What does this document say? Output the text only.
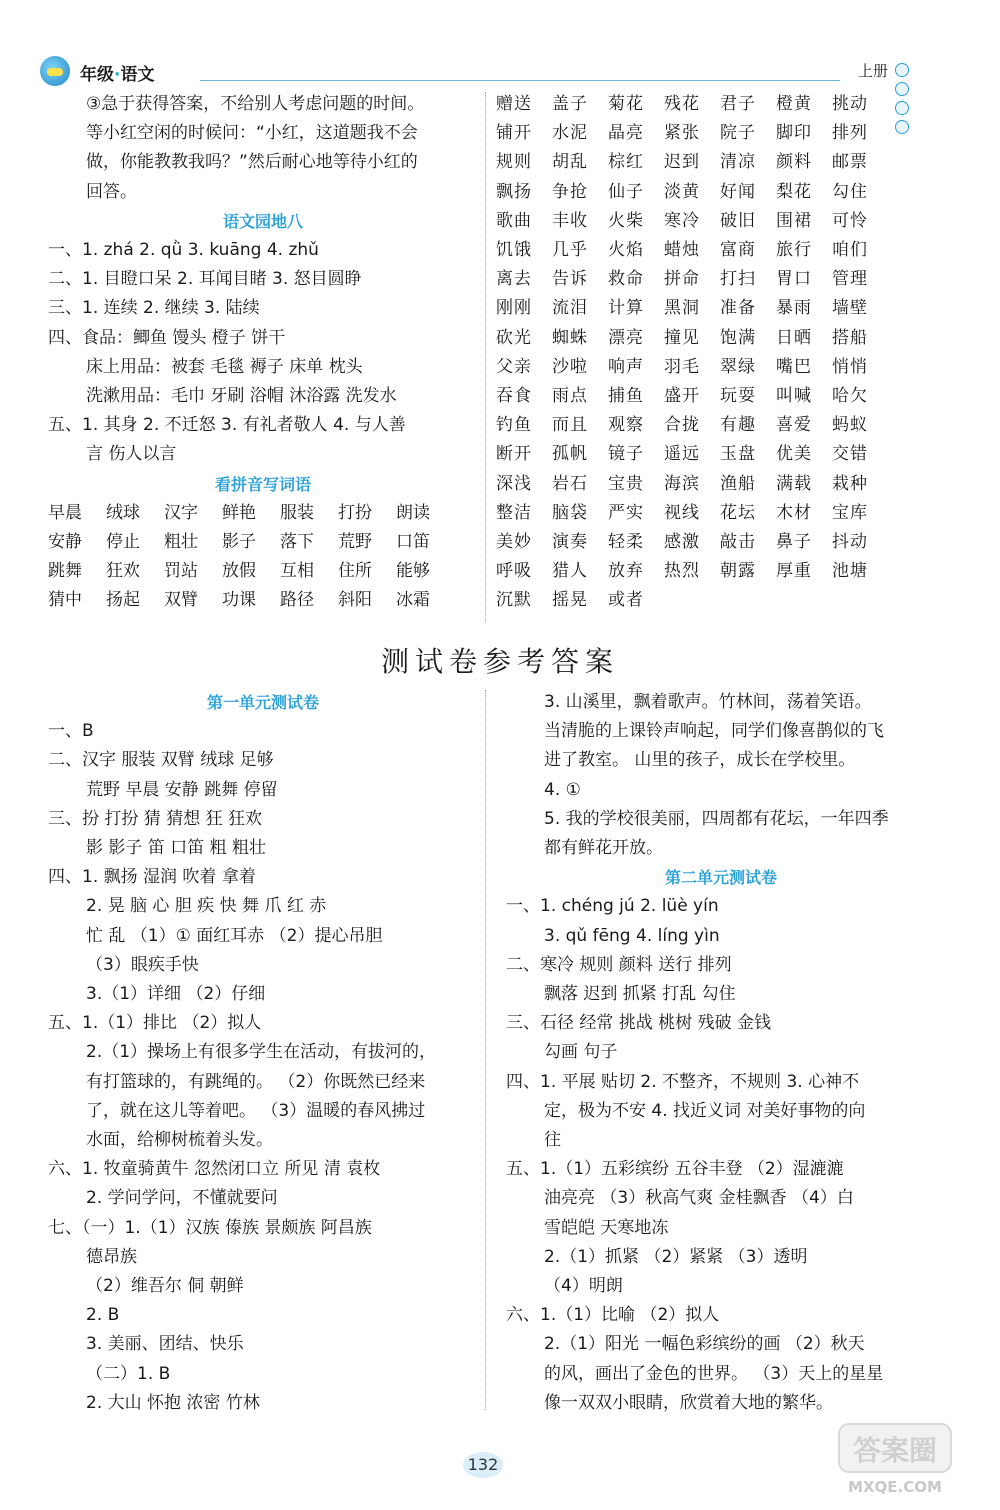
年级·语文	上册
③急于获得答案，不给别人考虑问题的时间。
等小红空闲的时候问：“小红，这道题我不会
做，你能教教我吗？”然后耐心地等待小红的
回答。
语文园地八
一、1. zhá 2. qǜ 3. kuāng 4. zhǔ
二、1. 目瞪口呆 2. 耳闻目睹 3. 怒目圆睁
三、1. 连续 2. 继续 3. 陆续
四、食品：鲫鱼 馒头 橙子 饼干
床上用品：被套 毛毯 褥子 床单 枕头
洗漱用品：毛巾 牙刷 浴帽 沐浴露 洗发水
五、1. 其身 2. 不迁怒 3. 有礼者敬人 4. 与人善
言 伤人以言
看拼音写词语
早晨 绒球 汉字 鲜艳 服装 打扮 朗读
安静 停止 粗壮 影子 落下 荒野 口笛
跳舞 狂欢 罚站 放假 互相 住所 能够
猜中 扬起 双臂 功课 路径 斜阳 冰霜
赠送 盖子 菊花 残花 君子 橙黄 挑动
铺开 水泥 晶亮 紧张 院子 脚印 排列
规则 胡乱 棕红 迟到 清凉 颜料 邮票
飘扬 争抢 仙子 淡黄 好闻 梨花 勾住
歌曲 丰收 火柴 寒冷 破旧 围裙 可怜
饥饿 几乎 火焰 蜡烛 富商 旅行 咱们
离去 告诉 救命 拼命 打扫 胃口 管理
刚刚 流泪 计算 黑洞 准备 暴雨 墙壁
砍光 蜘蛛 漂亮 撞见 饱满 日晒 搭船
父亲 沙啦 响声 羽毛 翠绿 嘴巴 悄悄
吞食 雨点 捕鱼 盛开 玩耍 叫喊 哈欠
钓鱼 而且 观察 合拢 有趣 喜爱 蚂蚁
断开 孤帆 镜子 遥远 玉盘 优美 交错
深浅 岩石 宝贵 海滨 渔船 满载 栽种
整洁 脑袋 严实 视线 花坛 木材 宝库
美妙 演奏 轻柔 感激 敲击 鼻子 抖动
呼吸 猎人 放弃 热烈 朝露 厚重 池塘
沉默 摇晃 或者
测试卷参考答案
第一单元测试卷
一、B
二、汉字 服装 双臂 绒球 足够
荒野 早晨 安静 跳舞 停留
三、扮 打扮 猜 猜想 狂 狂欢
影 影子 笛 口笛 粗 粗壮
四、1. 飘扬 湿润 吹着 拿着
2. 晃 脑 心 胆 疾 快 舞 爪 红 赤
忙 乱 （1）① 面红耳赤 （2）提心吊胆
（3）眼疾手快
3.（1）详细 （2）仔细
五、1.（1）排比 （2）拟人
2.（1）操场上有很多学生在活动，有拔河的，
有打篮球的，有跳绳的。 （2）你既然已经来
了，就在这儿等着吧。 （3）温暖的春风拂过
水面，给柳树梳着头发。
六、1. 牧童骑黄牛 忽然闭口立 所见 清 袁枚
2. 学问学问，不懂就要问
七、（一）1.（1）汉族 傣族 景颇族 阿昌族
德昂族
（2）维吾尔 侗 朝鲜
2. B
3. 美丽、团结、快乐
（二）1. B
2. 大山 怀抱 浓密 竹林
3. 山溪里，飘着歌声。竹林间，荡着笑语。
当清脆的上课铃声响起，同学们像喜鹊似的飞
进了教室。 山里的孩子，成长在学校里。
4. ①
5. 我的学校很美丽，四周都有花坛，一年四季
都有鲜花开放。
第二单元测试卷
一、1. chéng jú 2. lüè yín
3. qǔ fēng 4. líng yìn
二、寒冷 规则 颜料 送行 排列
飘落 迟到 抓紧 打乱 勾住
三、石径 经常 挑战 桃树 残破 金钱
勾画 句子
四、1. 平展 贴切 2. 不整齐，不规则 3. 心神不
定，极为不安 4. 找近义词 对美好事物的向
往
五、1.（1）五彩缤纷 五谷丰登 （2）湿漉漉
油亮亮 （3）秋高气爽 金桂飘香 （4）白
雪皑皑 天寒地冻
2.（1）抓紧 （2）紧紧 （3）透明
（4）明朗
六、1.（1）比喻 （2）拟人
2.（1）阳光 一幅色彩缤纷的画 （2）秋天
的风，画出了金色的世界。 （3）天上的星星
像一双双小眼睛，欣赏着大地的繁华。
132	答案圈
MXQE.COM
